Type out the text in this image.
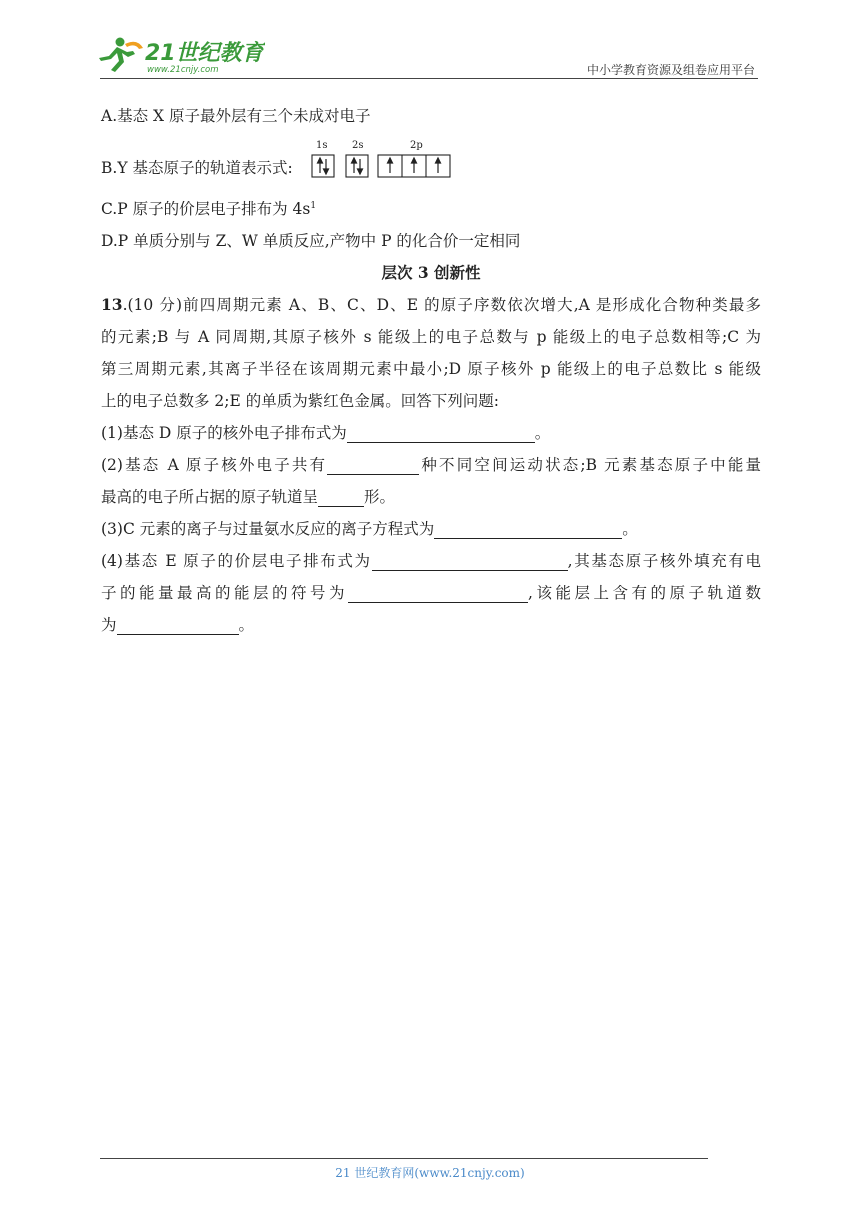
21世纪教育
www.21cnjy.com	中小学教育资源及组卷应用平台
A.基态 X 原子最外层有三个未成对电子
B.Y 基态原子的轨道表示式:
1s 2s	2p
C.P 原子的价层电子排布为 $4s^1$
D.P 单质分别与 Z、W 单质反应,产物中 P 的化合价一定相同
层次 3 创新性
13.(10 分)前四周期元素 A、B、C、D、E 的原子序数依次增大,A 是形成化合物种类最多
的元素;B 与 A 同周期,其原子核外 s 能级上的电子总数与 p 能级上的电子总数相等;C 为
第三周期元素,其离子半径在该周期元素中最小;D 原子核外 p 能级上的电子总数比 s 能级
上的电子总数多 2;E 的单质为紫红色金属。回答下列问题:
(1)基态 D 原子的核外电子排布式为	。
(2)基态 A 原子核外电子共有	种不同空间运动状态;B 元素基态原子中能量
最高的电子所占据的原子轨道呈	形。
(3)C 元素的离子与过量氨水反应的离子方程式为	。
(4)基态 E 原子的价层电子排布式为	,其基态原子核外填充有电
子的能量最高的能层的符号为	,该能层上含有的原子轨道数
为	。
21 世纪教育网(www.21cnjy.com)
